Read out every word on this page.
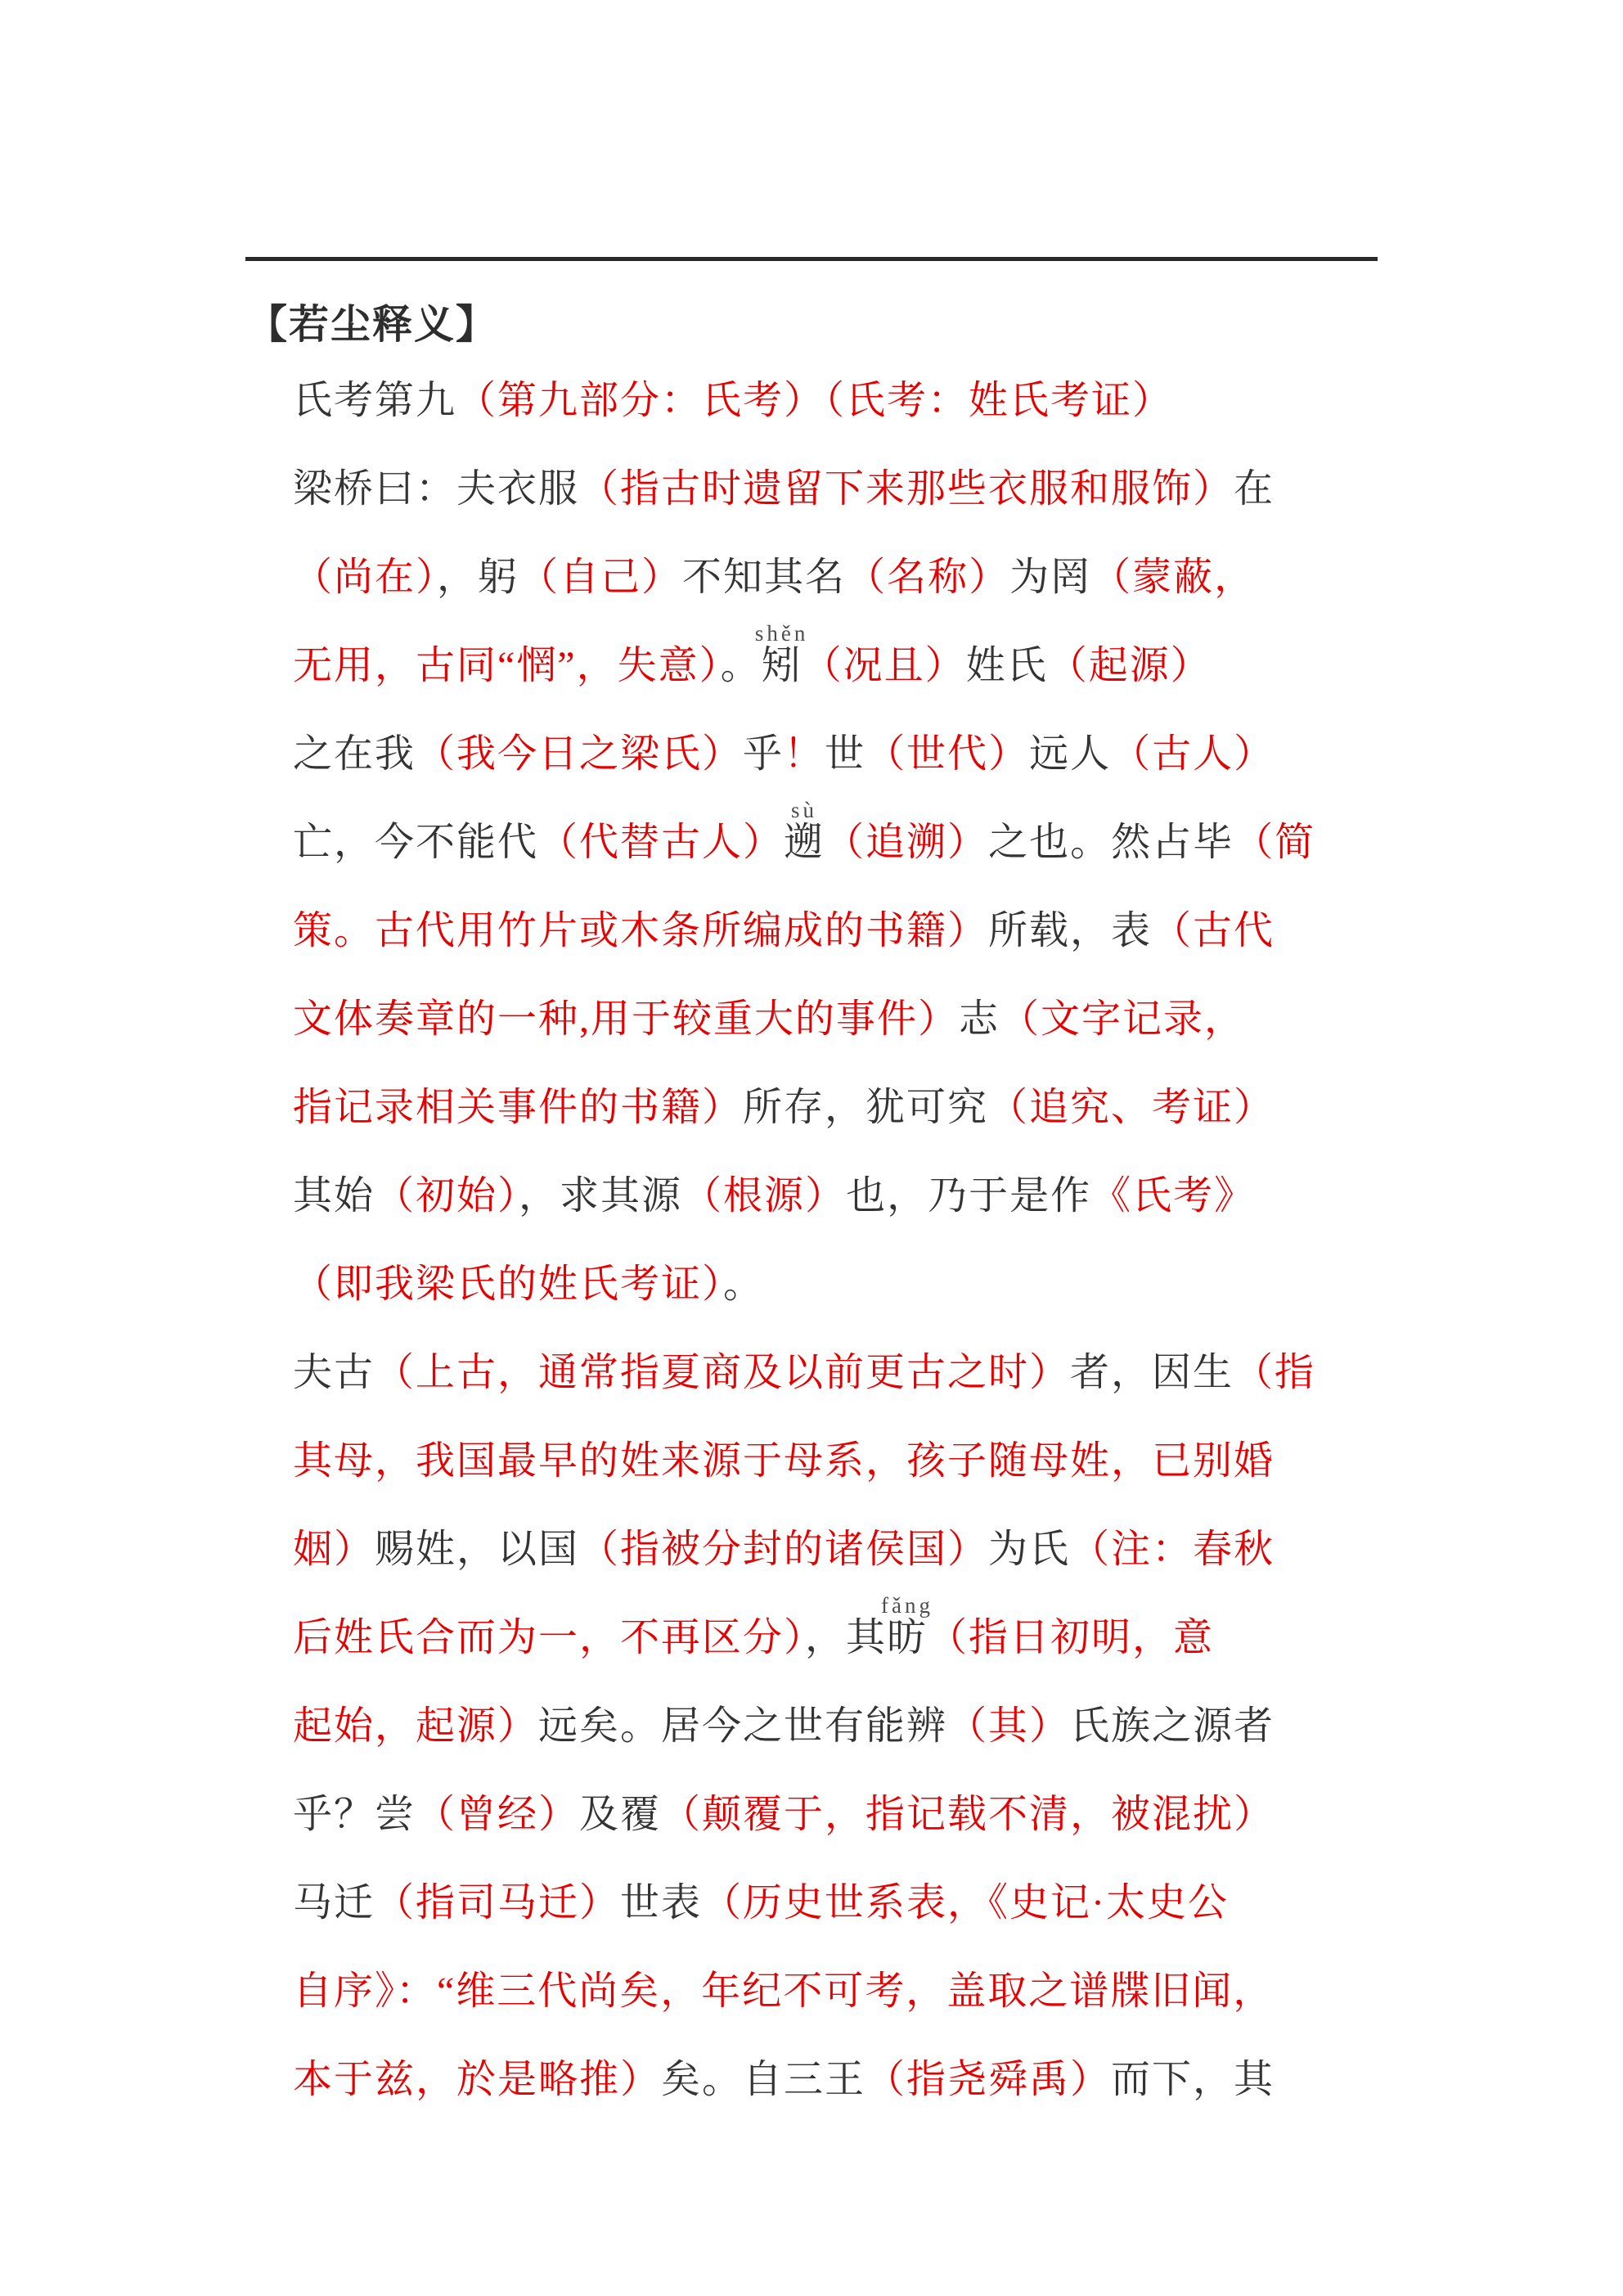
【若尘释义】
氏考第九（第九部分：氏考）（氏考：姓氏考证）
梁桥曰：夫衣服（指古时遗留下来那些衣服和服饰）在
（尚在），躬（自己）不知其名（名称）为罔（蒙蔽，
无用，古同“惘”，失意）。
shěn
矧（况且）姓氏（起源）
之在我（我今日之梁氏）乎！世（世代）远人（古人）
亡，今不能代（代替古人）
sù
遡（追溯）之也。然占毕（简
策。古代用竹片或木条所编成的书籍）所载，表（古代
文体奏章的一种,用于较重大的事件）志（文字记录，
指记录相关事件的书籍）所存，犹可究（追究、考证）
其始（初始），求其源（根源）也，乃于是作《氏考》
（即我梁氏的姓氏考证）。
夫古（上古，通常指夏商及以前更古之时）者，因生（指
其母，我国最早的姓来源于母系，孩子随母姓，已别婚
姻）赐姓，以国（指被分封的诸侯国）为氏（注：春秋
后姓氏合而为一，不再区分），其
fǎng
昉（指日初明，意
起始，起源）远矣。居今之世有能辨（其）氏族之源者
乎？尝（曾经）及覆（颠覆于，指记载不清，被混扰）
马迁（指司马迁）世表（历史世系表，《史记·太史公
自序》：“维三代尚矣，年纪不可考，盖取之谱牒旧闻，
本于兹，於是略推）矣。自三王（指尧舜禹）而下，其
